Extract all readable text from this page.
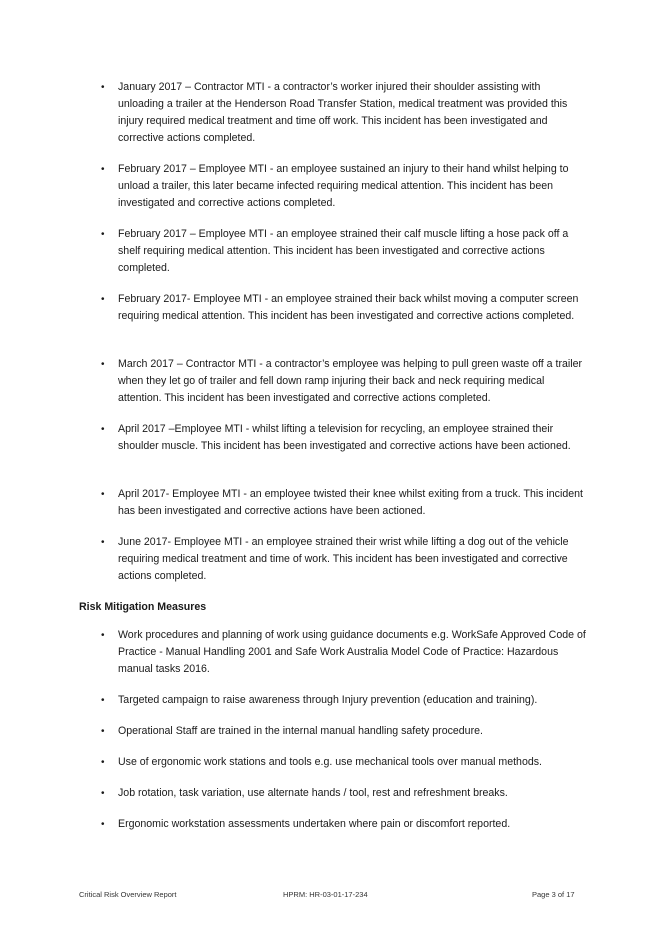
• January 2017 – Contractor MTI - a contractor’s worker injured their shoulder assisting with unloading a trailer at the Henderson Road Transfer Station, medical treatment was provided this injury required medical treatment and time off work. This incident has been investigated and corrective actions completed.
• February 2017 – Employee MTI - an employee sustained an injury to their hand whilst helping to unload a trailer, this later became infected requiring medical attention. This incident has been investigated and corrective actions completed.
• February 2017 – Employee MTI - an employee strained their calf muscle lifting a hose pack off a shelf requiring medical attention. This incident has been investigated and corrective actions completed.
• February 2017- Employee MTI - an employee strained their back whilst moving a computer screen requiring medical attention. This incident has been investigated and corrective actions completed.
• March 2017 – Contractor MTI - a contractor’s employee was helping to pull green waste off a trailer when they let go of trailer and fell down ramp injuring their back and neck requiring medical attention. This incident has been investigated and corrective actions completed.
• April 2017 –Employee MTI - whilst lifting a television for recycling, an employee strained their shoulder muscle. This incident has been investigated and corrective actions have been actioned.
• April 2017- Employee MTI - an employee twisted their knee whilst exiting from a truck. This incident has been investigated and corrective actions have been actioned.
• June 2017- Employee MTI - an employee strained their wrist while lifting a dog out of the vehicle requiring medical treatment and time of work. This incident has been investigated and corrective actions completed.
Risk Mitigation Measures
• Work procedures and planning of work using guidance documents e.g. WorkSafe Approved Code of Practice - Manual Handling 2001 and Safe Work Australia Model Code of Practice: Hazardous manual tasks 2016.
• Targeted campaign to raise awareness through Injury prevention (education and training).
• Operational Staff are trained in the internal manual handling safety procedure.
• Use of ergonomic work stations and tools e.g. use mechanical tools over manual methods.
• Job rotation, task variation, use alternate hands / tool, rest and refreshment breaks.
• Ergonomic workstation assessments undertaken where pain or discomfort reported.
Critical Risk Overview Report	HPRM: HR-03-01-17-234	Page 3 of 17
